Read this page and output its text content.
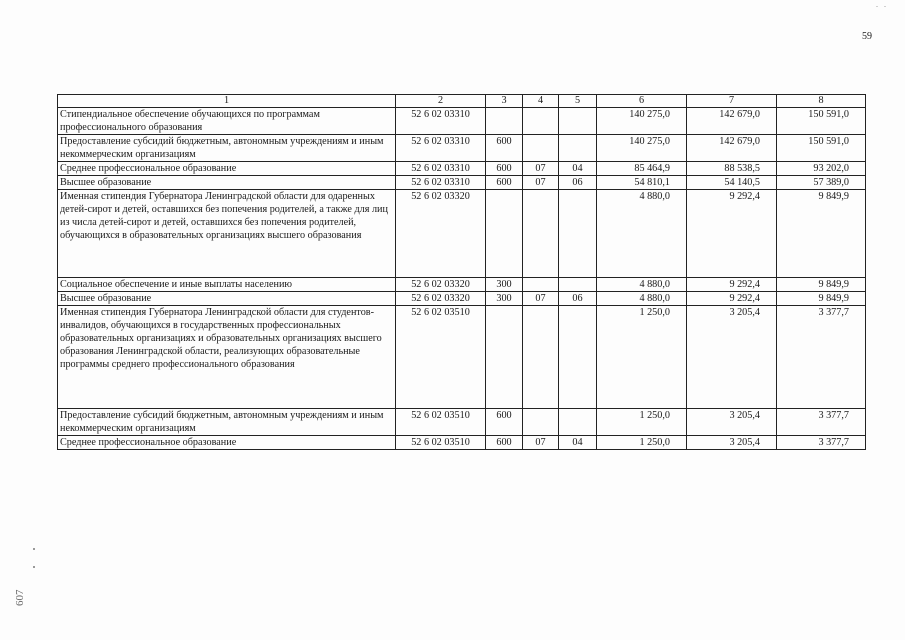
59
. .
1	2	3	4	5	6	7	8
Стипендиальное обеспечение обучающихся по программам профессионального образования	52 6 02 03310				140 275,0	142 679,0	150 591,0
Предоставление субсидий бюджетным, автономным учреждениям и иным некоммерческим организациям	52 6 02 03310	600			140 275,0	142 679,0	150 591,0
Среднее профессиональное образование	52 6 02 03310	600	07	04	85 464,9	88 538,5	93 202,0
Высшее образование	52 6 02 03310	600	07	06	54 810,1	54 140,5	57 389,0
Именная стипендия Губернатора Ленинградской области для одаренных детей-сирот и детей, оставшихся без попечения родителей, а также для лиц из числа детей-сирот и детей, оставшихся без попечения родителей, обучающихся в образовательных организациях высшего образования	52 6 02 03320				4 880,0	9 292,4	9 849,9
Социальное обеспечение и иные выплаты населению	52 6 02 03320	300			4 880,0	9 292,4	9 849,9
Высшее образование	52 6 02 03320	300	07	06	4 880,0	9 292,4	9 849,9
Именная стипендия Губернатора Ленинградской области для студентов-инвалидов, обучающихся в государственных профессиональных образовательных организациях и образовательных организациях высшего образования Ленинградской области, реализующих образовательные программы среднего профессионального образования	52 6 02 03510				1 250,0	3 205,4	3 377,7
Предоставление субсидий бюджетным, автономным учреждениям и иным некоммерческим организациям	52 6 02 03510	600			1 250,0	3 205,4	3 377,7
Среднее профессиональное образование	52 6 02 03510	600	07	04	1 250,0	3 205,4	3 377,7
607
